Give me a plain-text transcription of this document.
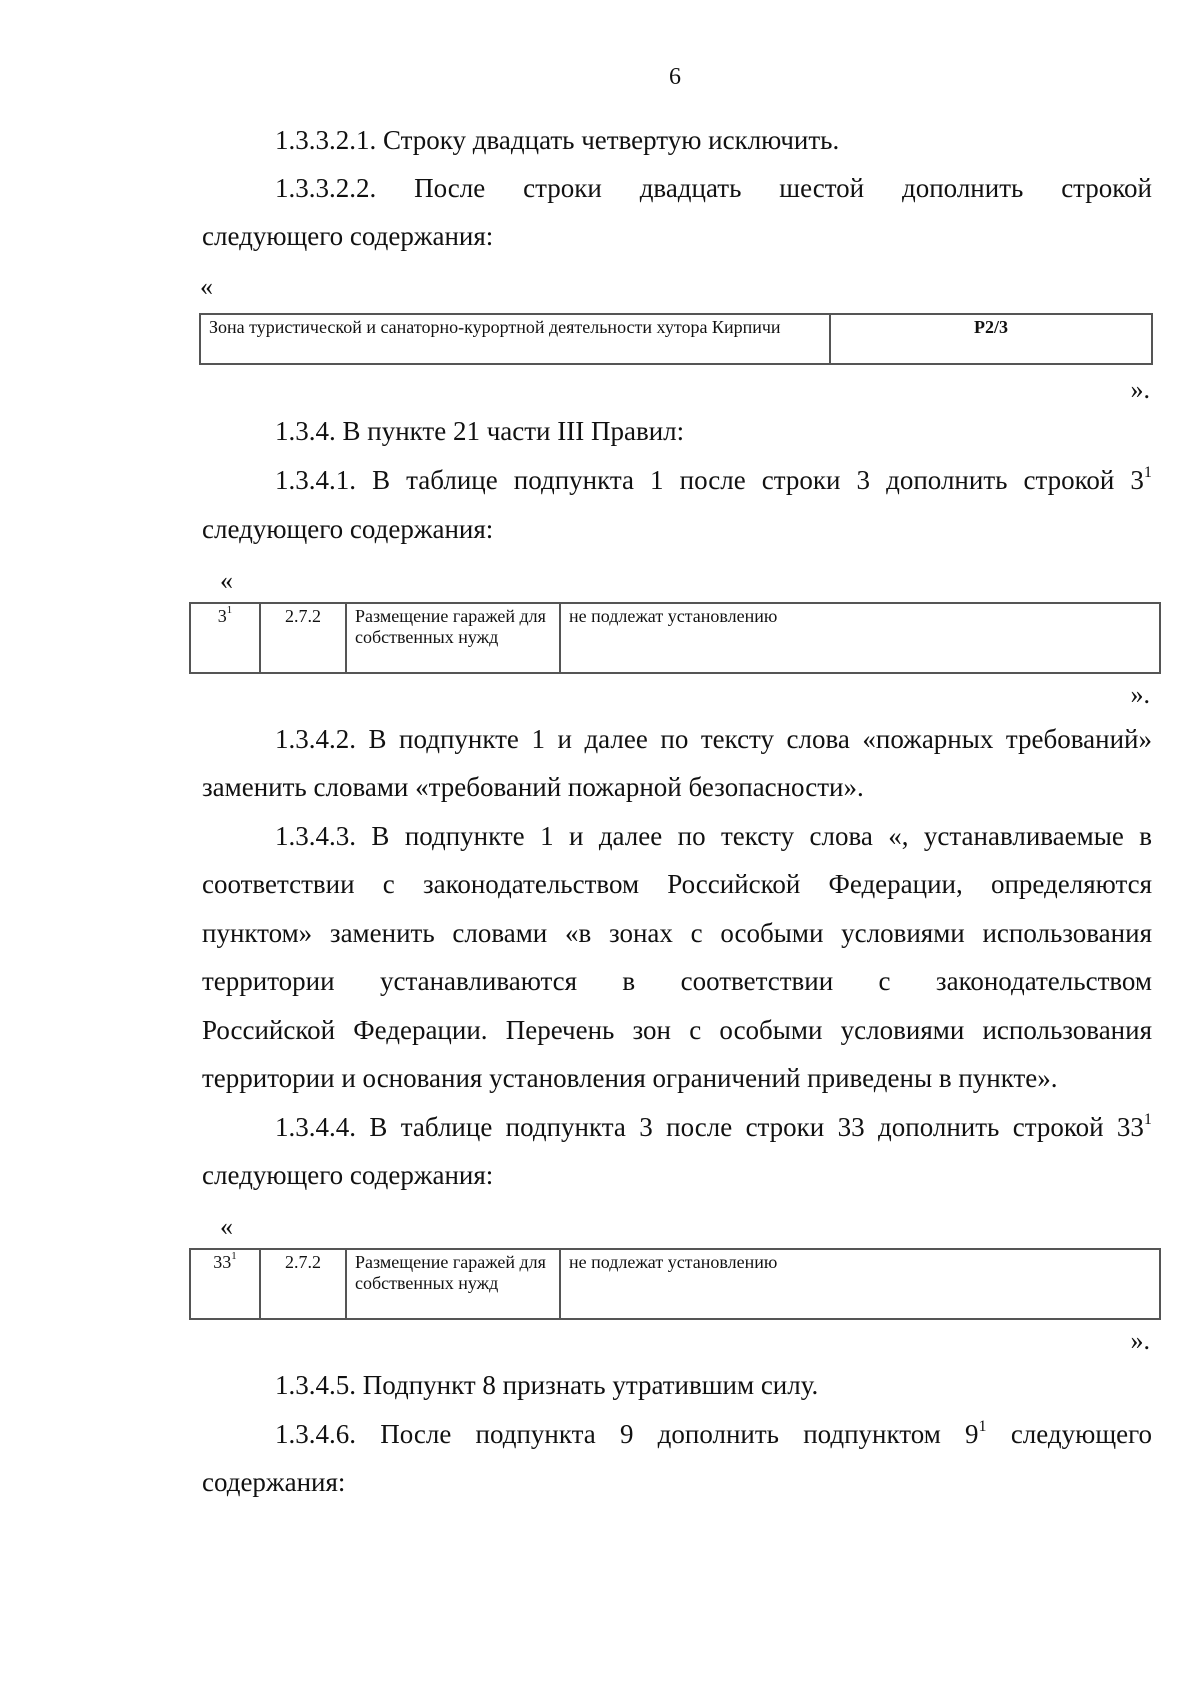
6

1.3.3.2.1. Строку двадцать четвертую исключить.

1.3.3.2.2. После строки двадцать шестой дополнить строкой

следующего содержания:

«
Зона туристической и санаторно-курортной деятельности хутора Кирпичи	Р2/3
».

1.3.4. В пункте 21 части III Правил:

1.3.4.1. В таблице подпункта 1 после строки 3 дополнить строкой $3^1$

следующего содержания:

«
$3^1$	2.7.2	Размещение гаражей для собственных нужд	не подлежат установлению
».

1.3.4.2. В подпункте 1 и далее по тексту слова «пожарных требований»

заменить словами «требований пожарной безопасности».

1.3.4.3. В подпункте 1 и далее по тексту слова «, устанавливаемые в

соответствии с законодательством Российской Федерации, определяются

пунктом» заменить словами «в зонах с особыми условиями использования

территории устанавливаются в соответствии с законодательством

Российской Федерации. Перечень зон с особыми условиями использования

территории и основания установления ограничений приведены в пункте».

1.3.4.4. В таблице подпункта 3 после строки 33 дополнить строкой $33^1$

следующего содержания:

«
$33^1$	2.7.2	Размещение гаражей для собственных нужд	не подлежат установлению
».

1.3.4.5. Подпункт 8 признать утратившим силу.

1.3.4.6. После подпункта 9 дополнить подпунктом $9^1$ следующего

содержания:
